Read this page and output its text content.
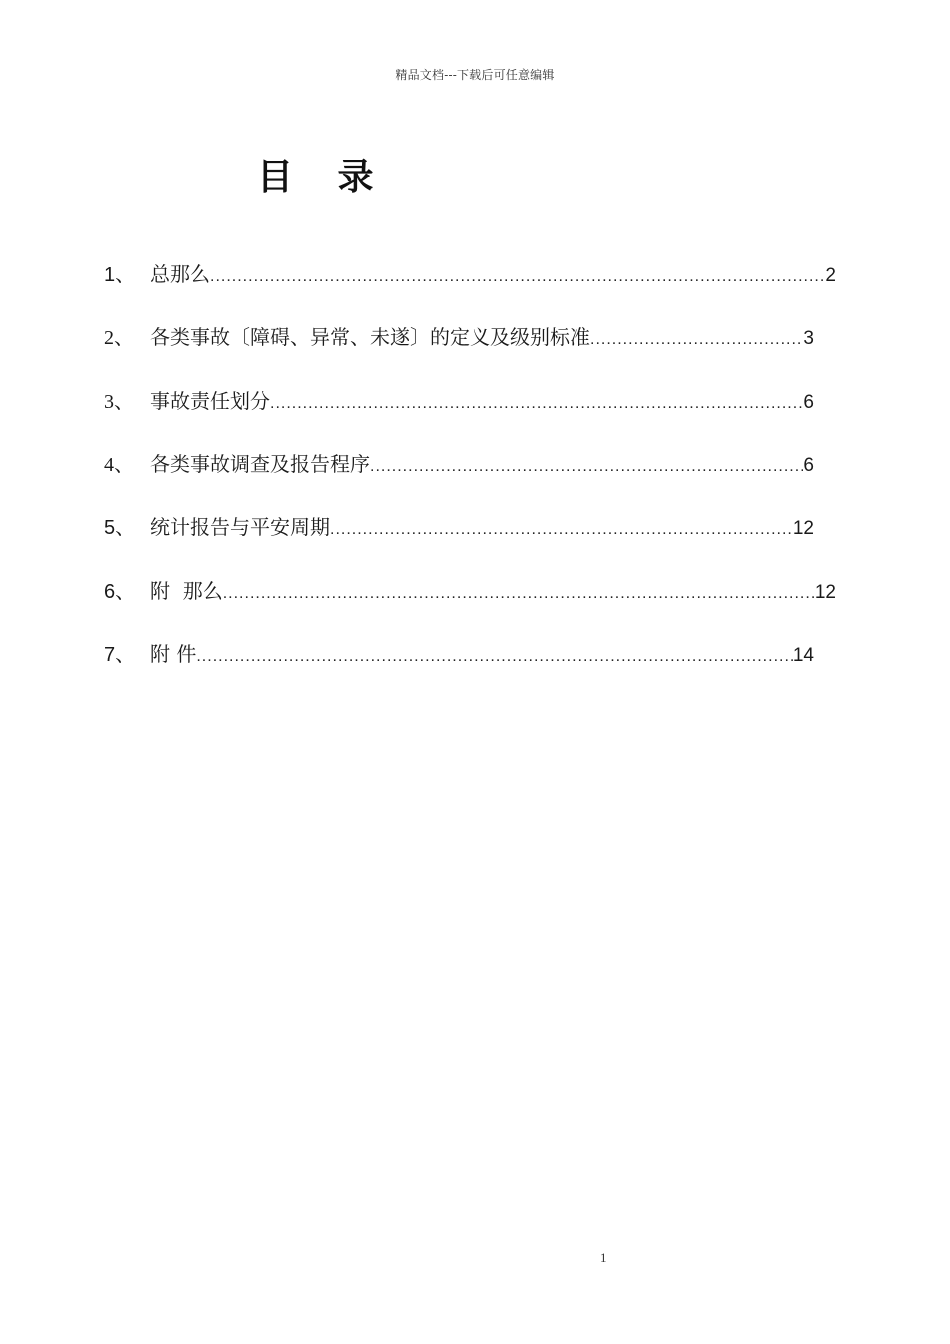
精品文档---下载后可任意编辑
目 录
1、 总那么 .....	2
2、 各类事故〔障碍、异常、未遂〕的定义及级别标准 .....	3
3、 事故责任划分 .....	6
4、 各类事故调查及报告程序 .....	6
5、 统计报告与平安周期 .....	12
6、 附  那么 .....	12
7、 附 件 .....	14
1
